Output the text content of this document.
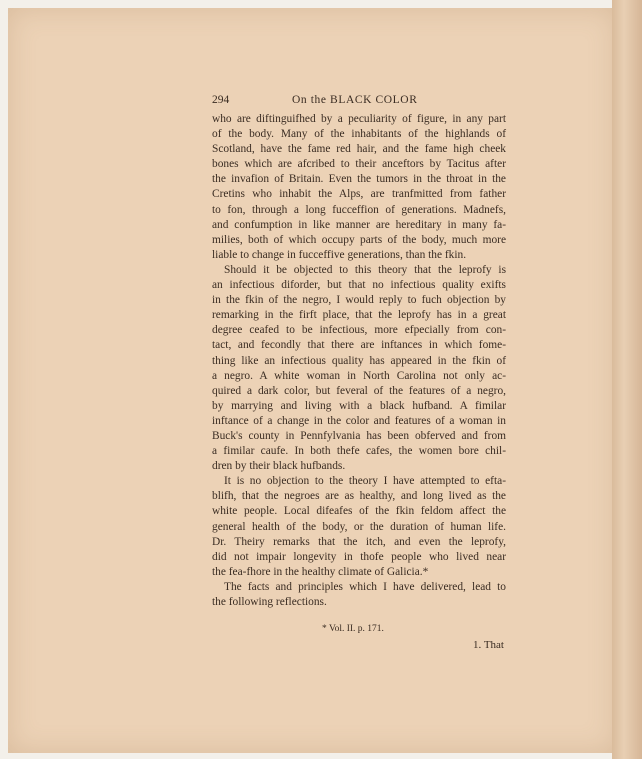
294	On the BLACK COLOR
who are diftinguifhed by a peculiarity of figure, in any part
of the body. Many of the inhabitants of the highlands of
Scotland, have the fame red hair, and the fame high cheek
bones which are afcribed to their anceftors by Tacitus after
the invafion of Britain. Even the tumors in the throat in the
Cretins who inhabit the Alps, are tranfmitted from father
to fon, through a long fucceffion of generations. Madnefs,
and confumption in like manner are hereditary in many fa-
milies, both of which occupy parts of the body, much more
liable to change in fucceffive generations, than the fkin.
Should it be objected to this theory that the leprofy is
an infectious diforder, but that no infectious quality exifts
in the fkin of the negro, I would reply to fuch objection by
remarking in the firft place, that the leprofy has in a great
degree ceafed to be infectious, more efpecially from con-
tact, and fecondly that there are inftances in which fome-
thing like an infectious quality has appeared in the fkin of
a negro. A white woman in North Carolina not only ac-
quired a dark color, but feveral of the features of a negro,
by marrying and living with a black hufband. A fimilar
inftance of a change in the color and features of a woman in
Buck's county in Pennfylvania has been obferved and from
a fimilar caufe. In both thefe cafes, the women bore chil-
dren by their black hufbands.
It is no objection to the theory I have attempted to efta-
blifh, that the negroes are as healthy, and long lived as the
white people. Local difeafes of the fkin feldom affect the
general health of the body, or the duration of human life.
Dr. Theiry remarks that the itch, and even the leprofy,
did not impair longevity in thofe people who lived near
the fea-fhore in the healthy climate of Galicia.*
The facts and principles which I have delivered, lead to
the following reflections.
* Vol. II. p. 171.
1. That
